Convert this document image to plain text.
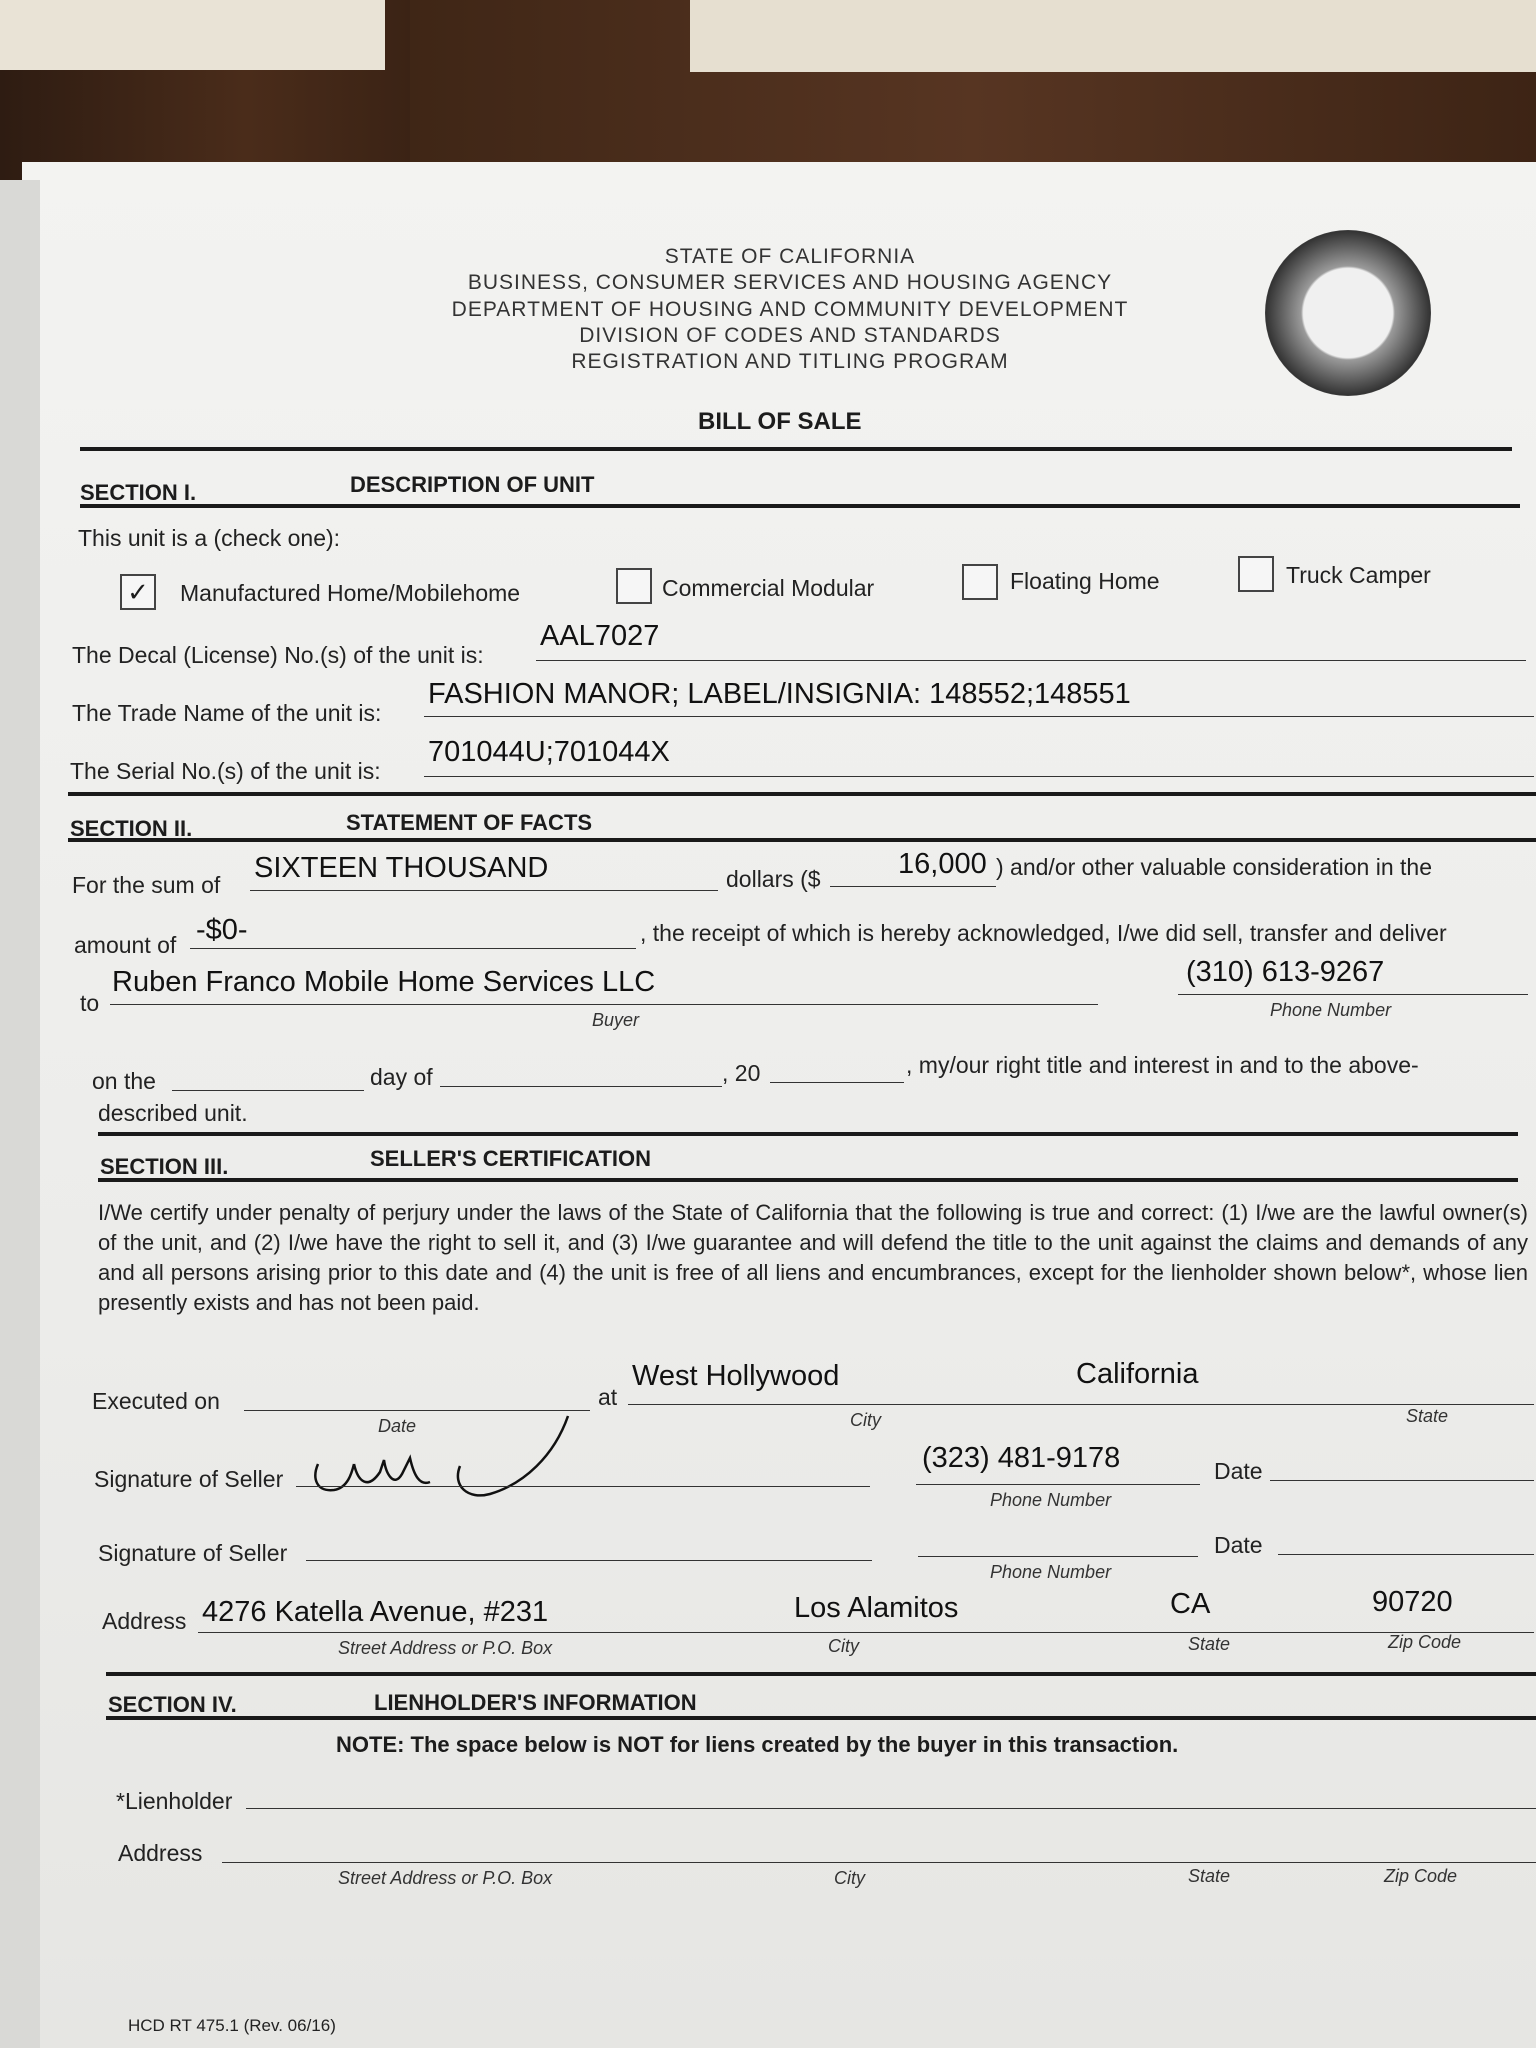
STATE OF CALIFORNIA
BUSINESS, CONSUMER SERVICES AND HOUSING AGENCY
DEPARTMENT OF HOUSING AND COMMUNITY DEVELOPMENT
DIVISION OF CODES AND STANDARDS
REGISTRATION AND TITLING PROGRAM
BILL OF SALE
SECTION I.	DESCRIPTION OF UNIT
This unit is a (check one):
✓	Manufactured Home/Mobilehome	Commercial Modular	Floating Home	Truck Camper
The Decal (License) No.(s) of the unit is:
AAL7027
The Trade Name of the unit is:
FASHION MANOR; LABEL/INSIGNIA: 148552;148551
The Serial No.(s) of the unit is:
701044U;701044X
SECTION II.	STATEMENT OF FACTS
For the sum of
SIXTEEN THOUSAND	dollars ($	16,000 ) and/or other valuable consideration in the
amount of -$0-	, the receipt of which is hereby acknowledged, I/we did sell, transfer and deliver
to
Ruben Franco Mobile Home Services LLC
Buyer
(310) 613-9267
Phone Number
on the	day of	, 20	, my/our right title and interest in and to the above-
described unit.
SECTION III.	SELLER'S CERTIFICATION
I/We certify under penalty of perjury under the laws of the State of California that the following is true and correct: (1) I/we are the lawful owner(s) of the unit, and (2) I/we have the right to sell it, and (3) I/we guarantee and will defend the title to the unit against the claims and demands of any and all persons arising prior to this date and (4) the unit is free of all liens and encumbrances, except for the lienholder shown below*, whose lien presently exists and has not been paid.
Executed on
Date
at
West Hollywood	California
City	State
Signature of Seller
(323) 481-9178
Phone Number
Date
Signature of Seller
Phone Number
Date
Address 4276 Katella Avenue, #231	Los Alamitos	CA	90720
Street Address or P.O. Box	City	State	Zip Code
SECTION IV.	LIENHOLDER'S INFORMATION
NOTE: The space below is NOT for liens created by the buyer in this transaction.
*Lienholder
Address
Street Address or P.O. Box	City	State	Zip Code
HCD RT 475.1 (Rev. 06/16)
